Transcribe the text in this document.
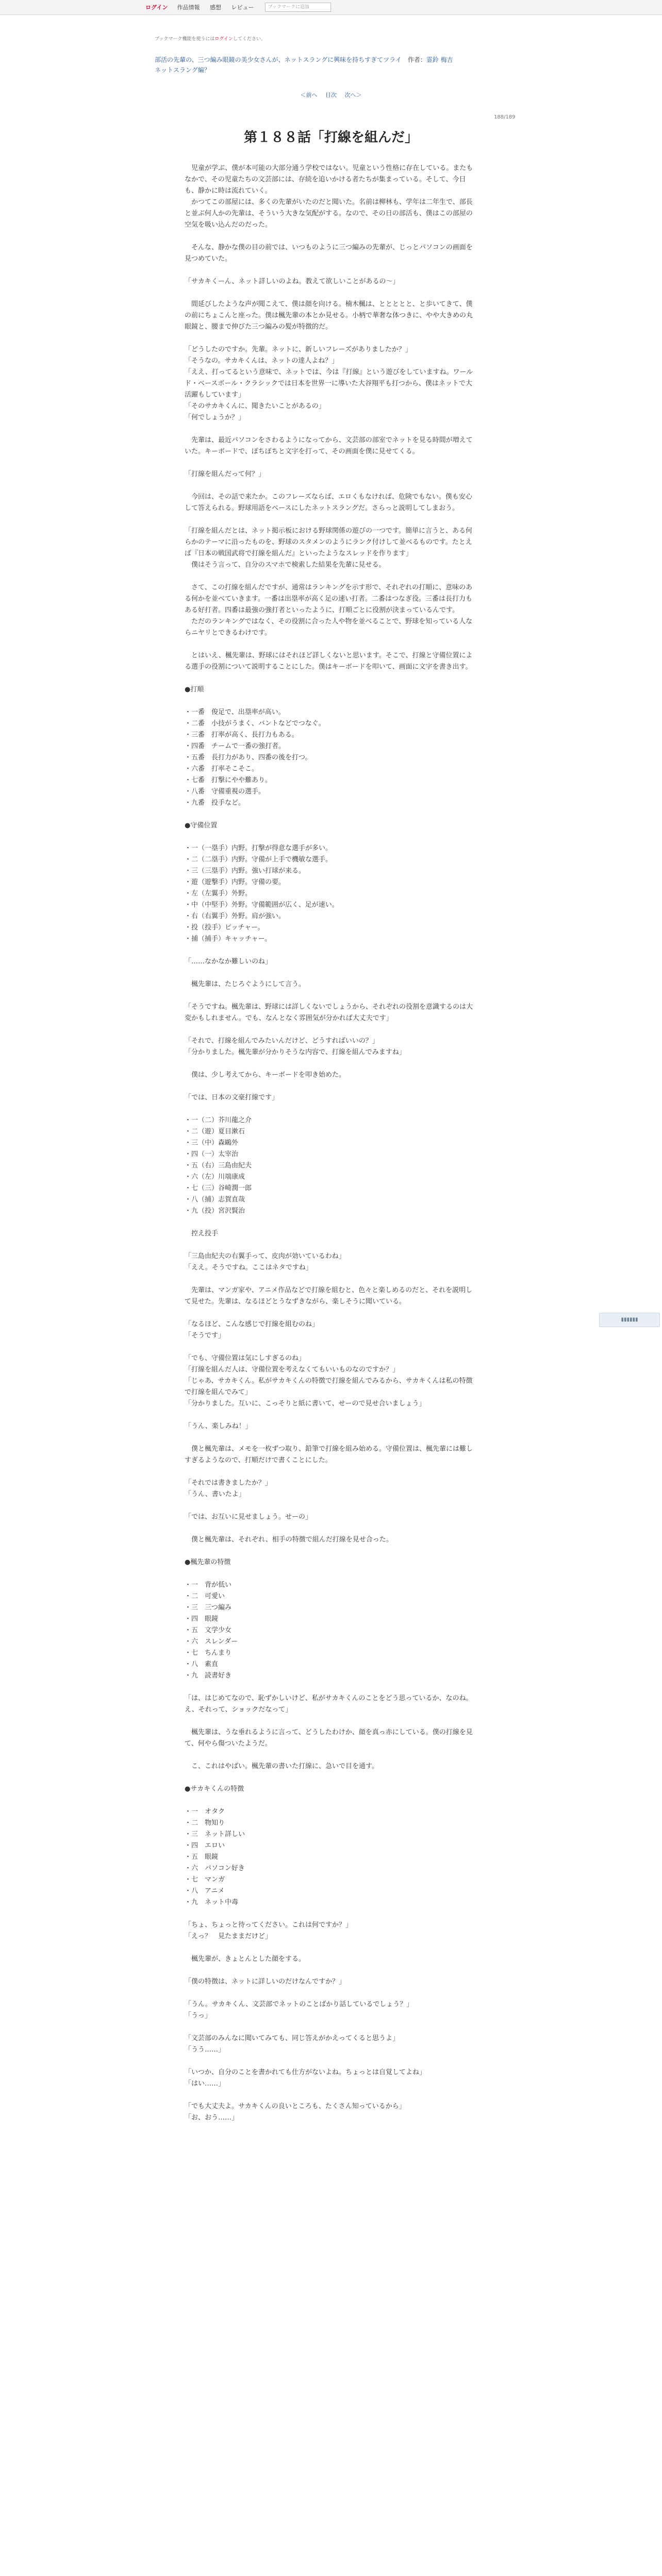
ログイン 作品情報 感想 レビュー	ブックマークに追加
ブックマーク機能を使うにはログインしてください。
部活の先輩の、三つ編み眼鏡の美少女さんが、ネットスラングに興味を持ちすぎてツライ　 作者：霊鈴 梅吉
ネットスラング編？
＜前へ 目次 次へ＞
188/189
第１８８話「打線を組んだ」
　児童が学ぶ、僕が本可能の大部分通う学校ではない。児童という性格に存在している。またもなかで、その児童たちの文芸部には、存続を追いかける者たちが集まっている。そして、今日も、静かに時は流れていく。
　かつてこの部屋には、多くの先輩がいたのだと聞いた。名前は柳林も、学年は二年生で、部長と並ぶ何人かの先輩は、そういう大きな気配がする。なので、その日の部活も、僕はこの部屋の空気を吸い込んだのだった。

　そんな、静かな僕の目の前では、いつものように三つ編みの先輩が、じっとパソコンの画面を見つめていた。

「サカキくーん、ネット詳しいのよね。教えて欲しいことがあるの～」

　間延びしたような声が聞こえて、僕は顔を向ける。楠木楓は、ととととと、と歩いてきて、僕の前にちょこんと座った。僕は楓先輩の本とか見せる。小柄で華奢な体つきに、やや大きめの丸眼鏡と、腰まで伸びた三つ編みの髪が特徴的だ。

「どうしたのですか。先輩。ネットに、新しいフレーズがありましたか？」
「そうなの。サカキくんは、ネットの達人よね？」
「ええ、打ってるという意味で、ネットでは、今は『打線』という遊びをしていますね。ワールド・ベースボール・クラシックでは日本を世界一に導いた大谷翔平も打つから、僕はネットで大活躍もしています」
「そのサカキくんに、聞きたいことがあるの」
「何でしょうか？」

　先輩は、最近パソコンをさわるようになってから、文芸部の部室でネットを見る時間が増えていた。キーボードで、ぽちぽちと文字を打って、その画面を僕に見せてくる。

「打線を組んだって何？」

　今回は、その話で来たか。このフレーズならば、エロくもなければ、危険でもない。僕も安心して答えられる。野球用語をベースにしたネットスラングだ。さらっと説明してしまおう。

「打線を組んだとは、ネット掲示板における野球関係の遊びの一つです。簡単に言うと、ある何らかのテーマに沿ったものを、野球のスタメンのようにランク付けして並べるものです。たとえば『日本の戦国武将で打線を組んだ』といったようなスレッドを作ります」
　僕はそう言って、自分のスマホで検索した結果を先輩に見せる。

　さて、この打線を組んだですが、通常はランキングを示す形で、それぞれの打順に、意味のある何かを並べていきます。一番は出塁率が高く足の速い打者。二番はつなぎ役。三番は長打力もある好打者。四番は最強の強打者といったように、打順ごとに役割が決まっているんです。
　ただのランキングではなく、その役割に合った人や物を並べることで、野球を知っている人ならニヤリとできるわけです。

　とはいえ、楓先輩は、野球にはそれほど詳しくないと思います。そこで、打線と守備位置による選手の役割について説明することにした。僕はキーボードを叩いて、画面に文字を書き出す。

●打順

・一番　俊足で、出塁率が高い。
・二番　小技がうまく、バントなどでつなぐ。
・三番　打率が高く、長打力もある。
・四番　チームで一番の強打者。
・五番　長打力があり、四番の後を打つ。
・六番　打率そこそこ。
・七番　打撃にやや難あり。
・八番　守備重視の選手。
・九番　投手など。

●守備位置

・一（一塁手）内野。打撃が得意な選手が多い。
・二（二塁手）内野。守備が上手で機敏な選手。
・三（三塁手）内野。強い打球が来る。
・遊（遊撃手）内野。守備の要。
・左（左翼手）外野。
・中（中堅手）外野。守備範囲が広く、足が速い。
・右（右翼手）外野。肩が強い。
・投（投手）ピッチャー。
・捕（捕手）キャッチャー。

「……なかなか難しいのね」

　楓先輩は、たじろぐようにして言う。

「そうですね。楓先輩は、野球には詳しくないでしょうから、それぞれの役割を意識するのは大変かもしれません。でも、なんとなく雰囲気が分かれば大丈夫です」

「それで、打線を組んでみたいんだけど、どうすればいいの？」
「分かりました。楓先輩が分かりそうな内容で、打線を組んでみますね」

　僕は、少し考えてから、キーボードを叩き始めた。

「では、日本の文豪打線です」

・一（二）芥川龍之介
・二（遊）夏目漱石
・三（中）森鷗外
・四（一）太宰治
・五（右）三島由紀夫
・六（左）川端康成
・七（三）谷崎潤一郎
・八（捕）志賀直哉
・九（投）宮沢賢治

　控え投手

「三島由紀夫の右翼手って、皮肉が効いているわね」
「ええ。そうですね。ここはネタですね」

　先輩は、マンガ家や、アニメ作品などで打線を組むと、色々と楽しめるのだと、それを説明して見せた。先輩は、なるほどとうなずきながら、楽しそうに聞いている。

「なるほど、こんな感じで打線を組むのね」
「そうです」

「でも、守備位置は気にしすぎるのね」
「打線を組んだ人は、守備位置を考えなくてもいいものなのですか？」
「じゃあ、サカキくん。私がサカキくんの特徴で打線を組んでみるから、サカキくんは私の特徴で打線を組んでみて」
「分かりました。互いに、こっそりと紙に書いて、せーので見せ合いましょう」

「うん、楽しみね！」

　僕と楓先輩は、メモを一枚ずつ取り、鉛筆で打線を組み始める。守備位置は、楓先輩には難しすぎるようなので、打順だけで書くことにした。

「それでは書きましたか？」
「うん、書いたよ」

「では、お互いに見せましょう。せーの」

　僕と楓先輩は、それぞれ、相手の特徴で組んだ打線を見せ合った。

●楓先輩の特徴

・一　背が低い
・二　可愛い
・三　三つ編み
・四　眼鏡
・五　文学少女
・六　スレンダー
・七　ちんまり
・八　素直
・九　読書好き

「は、はじめてなので、恥ずかしいけど、私がサカキくんのことをどう思っているか、なのね。え、それって、ショックだなって」

　楓先輩は、うな垂れるように言って、どうしたわけか、顔を真っ赤にしている。僕の打線を見て、何やら傷ついたようだ。

　こ、これはやばい。楓先輩の書いた打線に、急いで目を通す。

●サカキくんの特徴

・一　オタク
・二　物知り
・三　ネット詳しい
・四　エロい
・五　眼鏡
・六　パソコン好き
・七　マンガ
・八　アニメ
・九　ネット中毒

「ちょ、ちょっと待ってください。これは何ですか？」
「えっ？　見たままだけど」

　楓先輩が、きょとんとした顔をする。

「僕の特徴は、ネットに詳しいのだけなんですか？」

「うん。サカキくん、文芸部でネットのことばかり話しているでしょう？」
「うっ」

「文芸部のみんなに聞いてみても、同じ答えがかえってくると思うよ」
「うう……」

「いつか、自分のことを書かれても仕方がないよね。ちょっとは自覚してよね」
「はい……」

「でも大丈夫よ。サカキくんの良いところも、たくさん知っているから」
「お、おう……」
▮▮▮▮▮▮
